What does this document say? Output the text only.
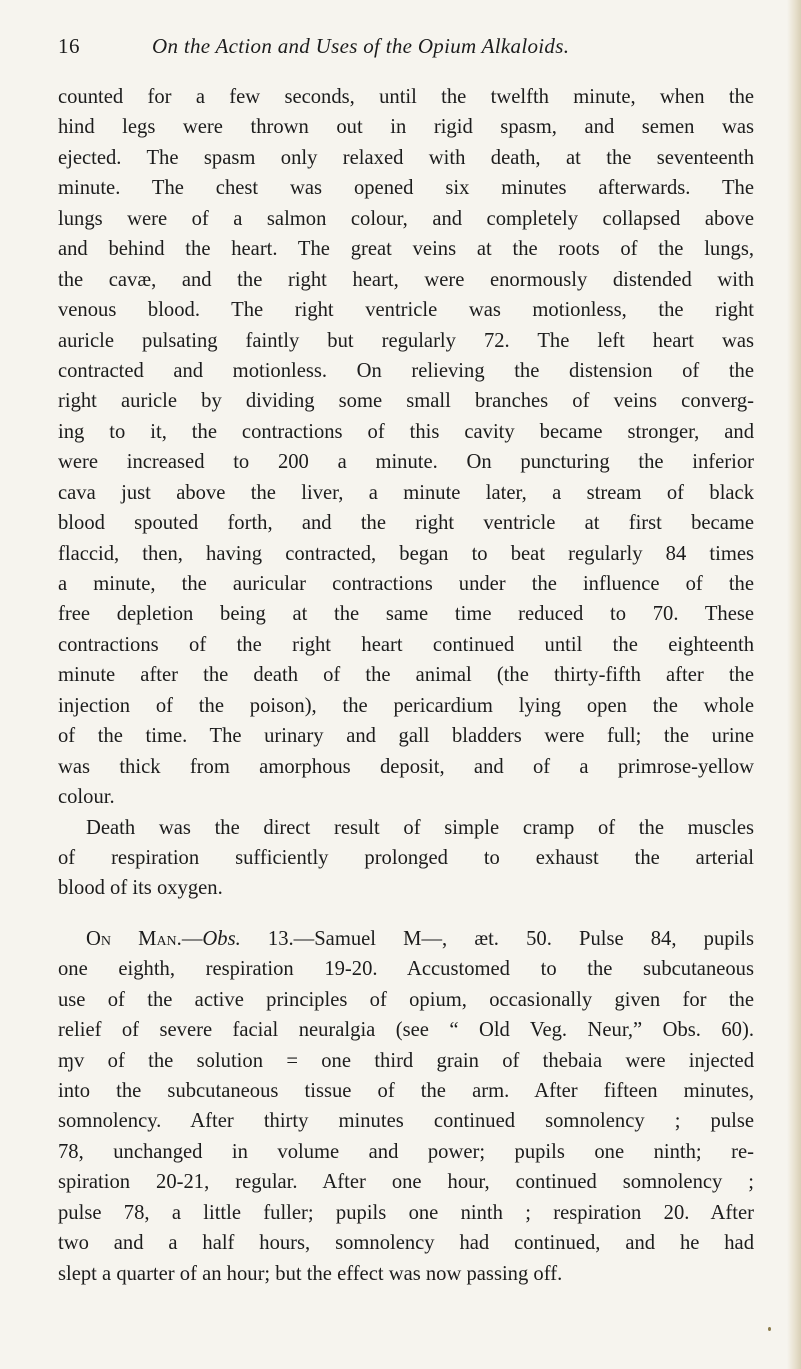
16	On the Action and Uses of the Opium Alkaloids.
counted for a few seconds, until the twelfth minute, when the
hind legs were thrown out in rigid spasm, and semen was
ejected. The spasm only relaxed with death, at the seventeenth
minute. The chest was opened six minutes afterwards. The
lungs were of a salmon colour, and completely collapsed above
and behind the heart. The great veins at the roots of the lungs,
the cavæ, and the right heart, were enormously distended with
venous blood. The right ventricle was motionless, the right
auricle pulsating faintly but regularly 72. The left heart was
contracted and motionless. On relieving the distension of the
right auricle by dividing some small branches of veins converg-
ing to it, the contractions of this cavity became stronger, and
were increased to 200 a minute. On puncturing the inferior
cava just above the liver, a minute later, a stream of black
blood spouted forth, and the right ventricle at first became
flaccid, then, having contracted, began to beat regularly 84 times
a minute, the auricular contractions under the influence of the
free depletion being at the same time reduced to 70. These
contractions of the right heart continued until the eighteenth
minute after the death of the animal (the thirty-fifth after the
injection of the poison), the pericardium lying open the whole
of the time. The urinary and gall bladders were full; the urine
was thick from amorphous deposit, and of a primrose-yellow
colour.
Death was the direct result of simple cramp of the muscles
of respiration sufficiently prolonged to exhaust the arterial
blood of its oxygen.
On Man.—Obs. 13.—Samuel M—, æt. 50. Pulse 84, pupils
one eighth, respiration 19-20. Accustomed to the subcutaneous
use of the active principles of opium, occasionally given for the
relief of severe facial neuralgia (see “ Old Veg. Neur,” Obs. 60).
ɱv of the solution = one third grain of thebaia were injected
into the subcutaneous tissue of the arm. After fifteen minutes,
somnolency. After thirty minutes continued somnolency ; pulse
78, unchanged in volume and power; pupils one ninth; re-
spiration 20-21, regular. After one hour, continued somnolency ;
pulse 78, a little fuller; pupils one ninth ; respiration 20. After
two and a half hours, somnolency had continued, and he had
slept a quarter of an hour; but the effect was now passing off.
